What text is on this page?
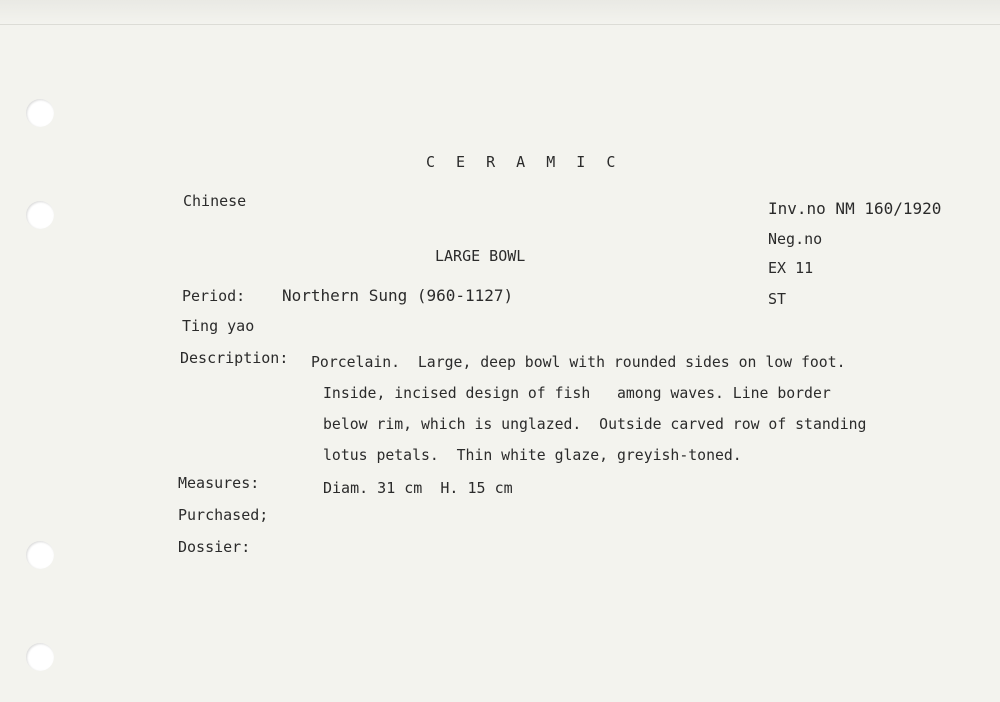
C E R A M I C
Chinese	Inv.no NM 160/1920
Neg.no
LARGE BOWL
EX 11
Period: Northern Sung (960-1127)	ST
Ting yao
Description: Porcelain.  Large, deep bowl with rounded sides on low foot.
Inside, incised design of fish   among waves. Line border
below rim, which is unglazed.  Outside carved row of standing
lotus petals.  Thin white glaze, greyish-toned.
Measures:	Diam. 31 cm  H. 15 cm
Purchased;
Dossier:
